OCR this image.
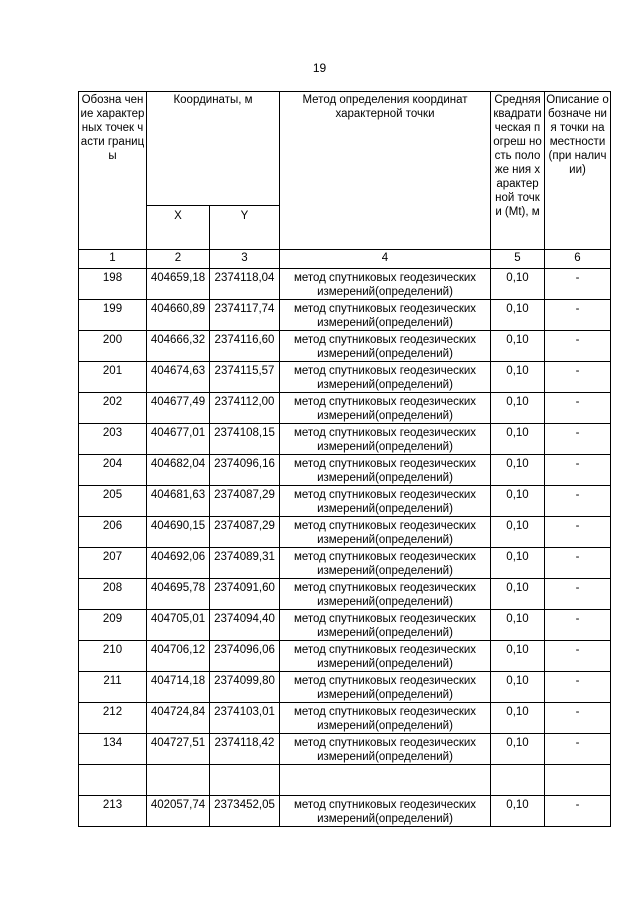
19
Обозна чение характер ных точек части границы	Координаты, м		Метод определения координат характерной точки	Средняя квадрати ческая погреш ность положе ния характер ной точки (Mt), м	Описание обозначе ния точки на местности (при наличии)
	X	Y			
1	2	3	4	5	6
198	404659,18	2374118,04	метод спутниковых геодезических измерений(определений)	0,10	-
199	404660,89	2374117,74	метод спутниковых геодезических измерений(определений)	0,10	-
200	404666,32	2374116,60	метод спутниковых геодезических измерений(определений)	0,10	-
201	404674,63	2374115,57	метод спутниковых геодезических измерений(определений)	0,10	-
202	404677,49	2374112,00	метод спутниковых геодезических измерений(определений)	0,10	-
203	404677,01	2374108,15	метод спутниковых геодезических измерений(определений)	0,10	-
204	404682,04	2374096,16	метод спутниковых геодезических измерений(определений)	0,10	-
205	404681,63	2374087,29	метод спутниковых геодезических измерений(определений)	0,10	-
206	404690,15	2374087,29	метод спутниковых геодезических измерений(определений)	0,10	-
207	404692,06	2374089,31	метод спутниковых геодезических измерений(определений)	0,10	-
208	404695,78	2374091,60	метод спутниковых геодезических измерений(определений)	0,10	-
209	404705,01	2374094,40	метод спутниковых геодезических измерений(определений)	0,10	-
210	404706,12	2374096,06	метод спутниковых геодезических измерений(определений)	0,10	-
211	404714,18	2374099,80	метод спутниковых геодезических измерений(определений)	0,10	-
212	404724,84	2374103,01	метод спутниковых геодезических измерений(определений)	0,10	-
134	404727,51	2374118,42	метод спутниковых геодезических измерений(определений)	0,10	-

213	402057,74	2373452,05	метод спутниковых геодезических измерений(определений)	0,10	-
